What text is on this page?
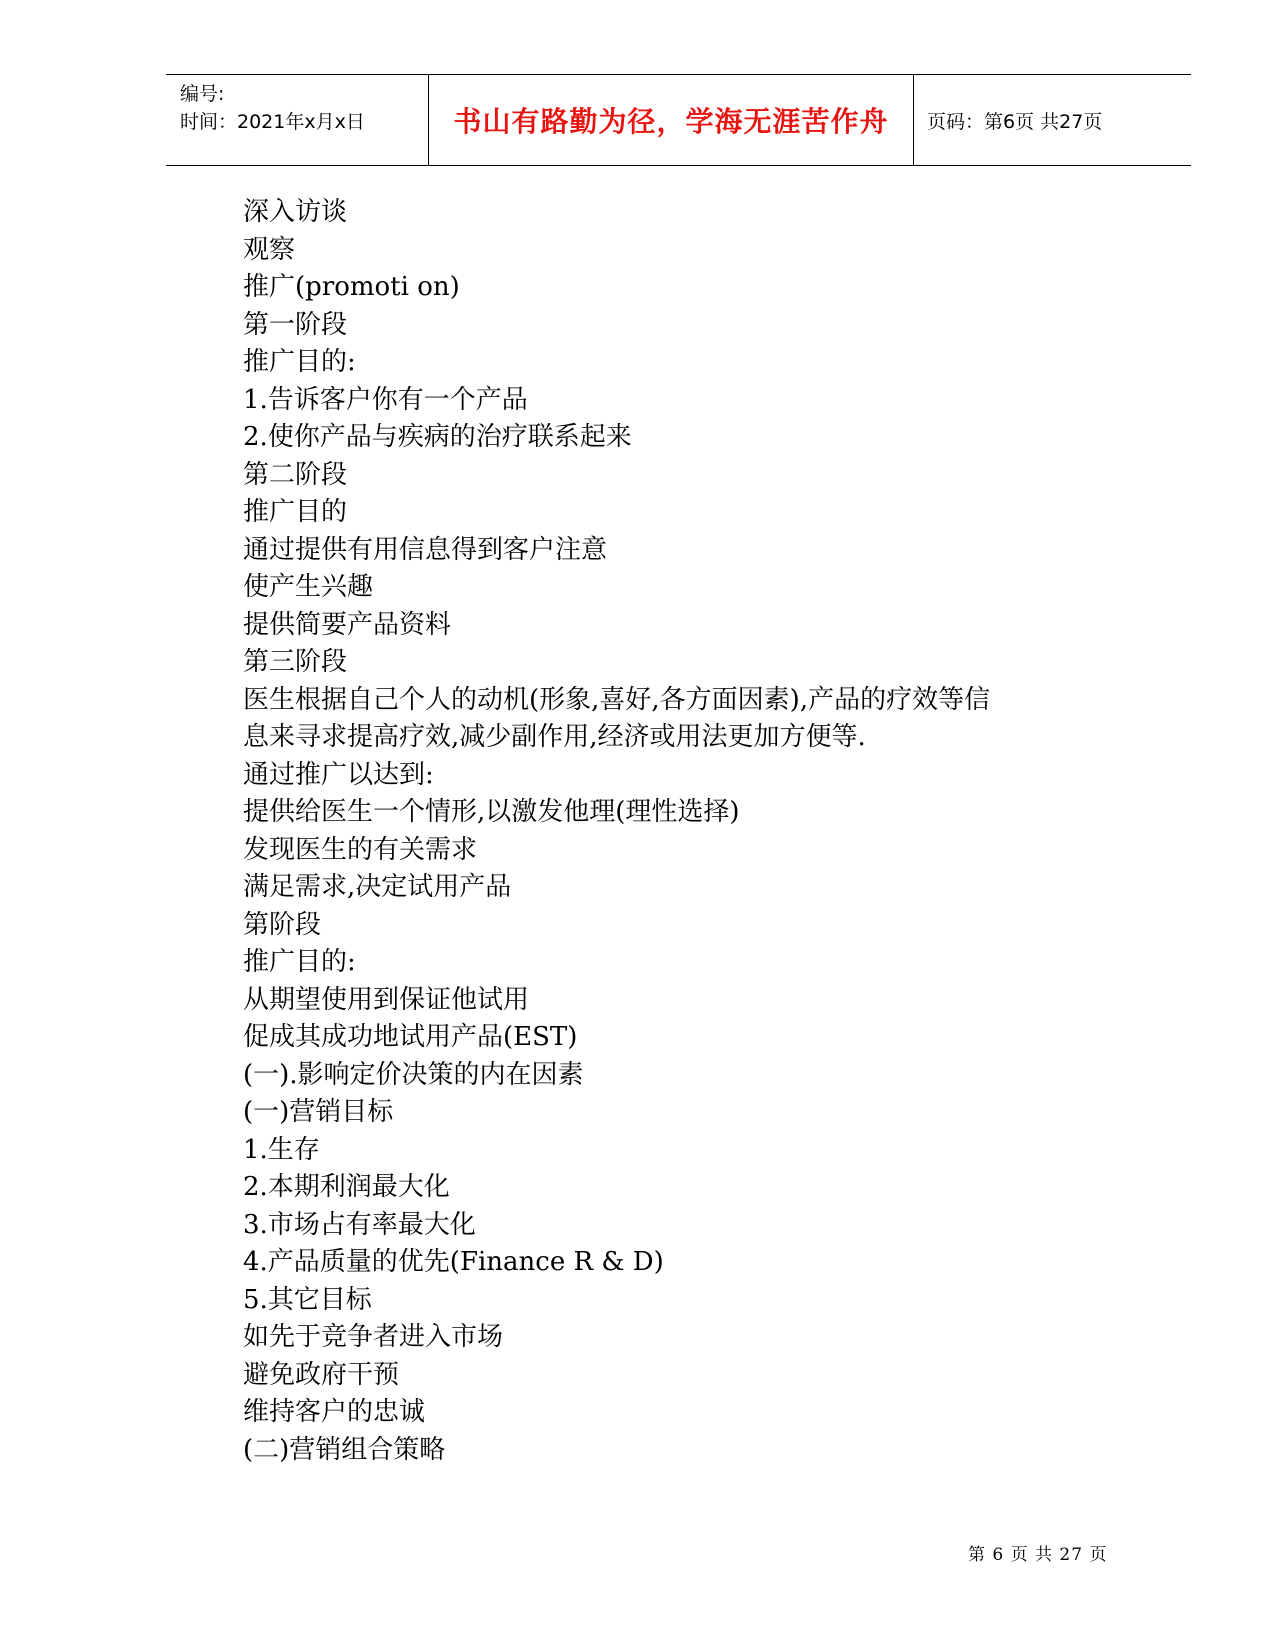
编号:
时间：2021年x月x日	书山有路勤为径，学海无涯苦作舟	页码：第6页 共27页
深入访谈
观察
推广(promoti on)
第一阶段
推广目的:
1.告诉客户你有一个产品
2.使你产品与疾病的治疗联系起来
第二阶段
推广目的
通过提供有用信息得到客户注意
使产生兴趣
提供简要产品资料
第三阶段
医生根据自己个人的动机(形象,喜好,各方面因素),产品的疗效等信
息来寻求提高疗效,减少副作用,经济或用法更加方便等.
通过推广以达到:
提供给医生一个情形,以激发他理(理性选择)
发现医生的有关需求
满足需求,决定试用产品
第阶段
推广目的:
从期望使用到保证他试用
促成其成功地试用产品(EST)
(一).影响定价决策的内在因素
(一)营销目标
1.生存
2.本期利润最大化
3.市场占有率最大化
4.产品质量的优先(Finance R & D)
5.其它目标
如先于竞争者进入市场
避免政府干预
维持客户的忠诚
(二)营销组合策略
第 6 页 共 27 页
